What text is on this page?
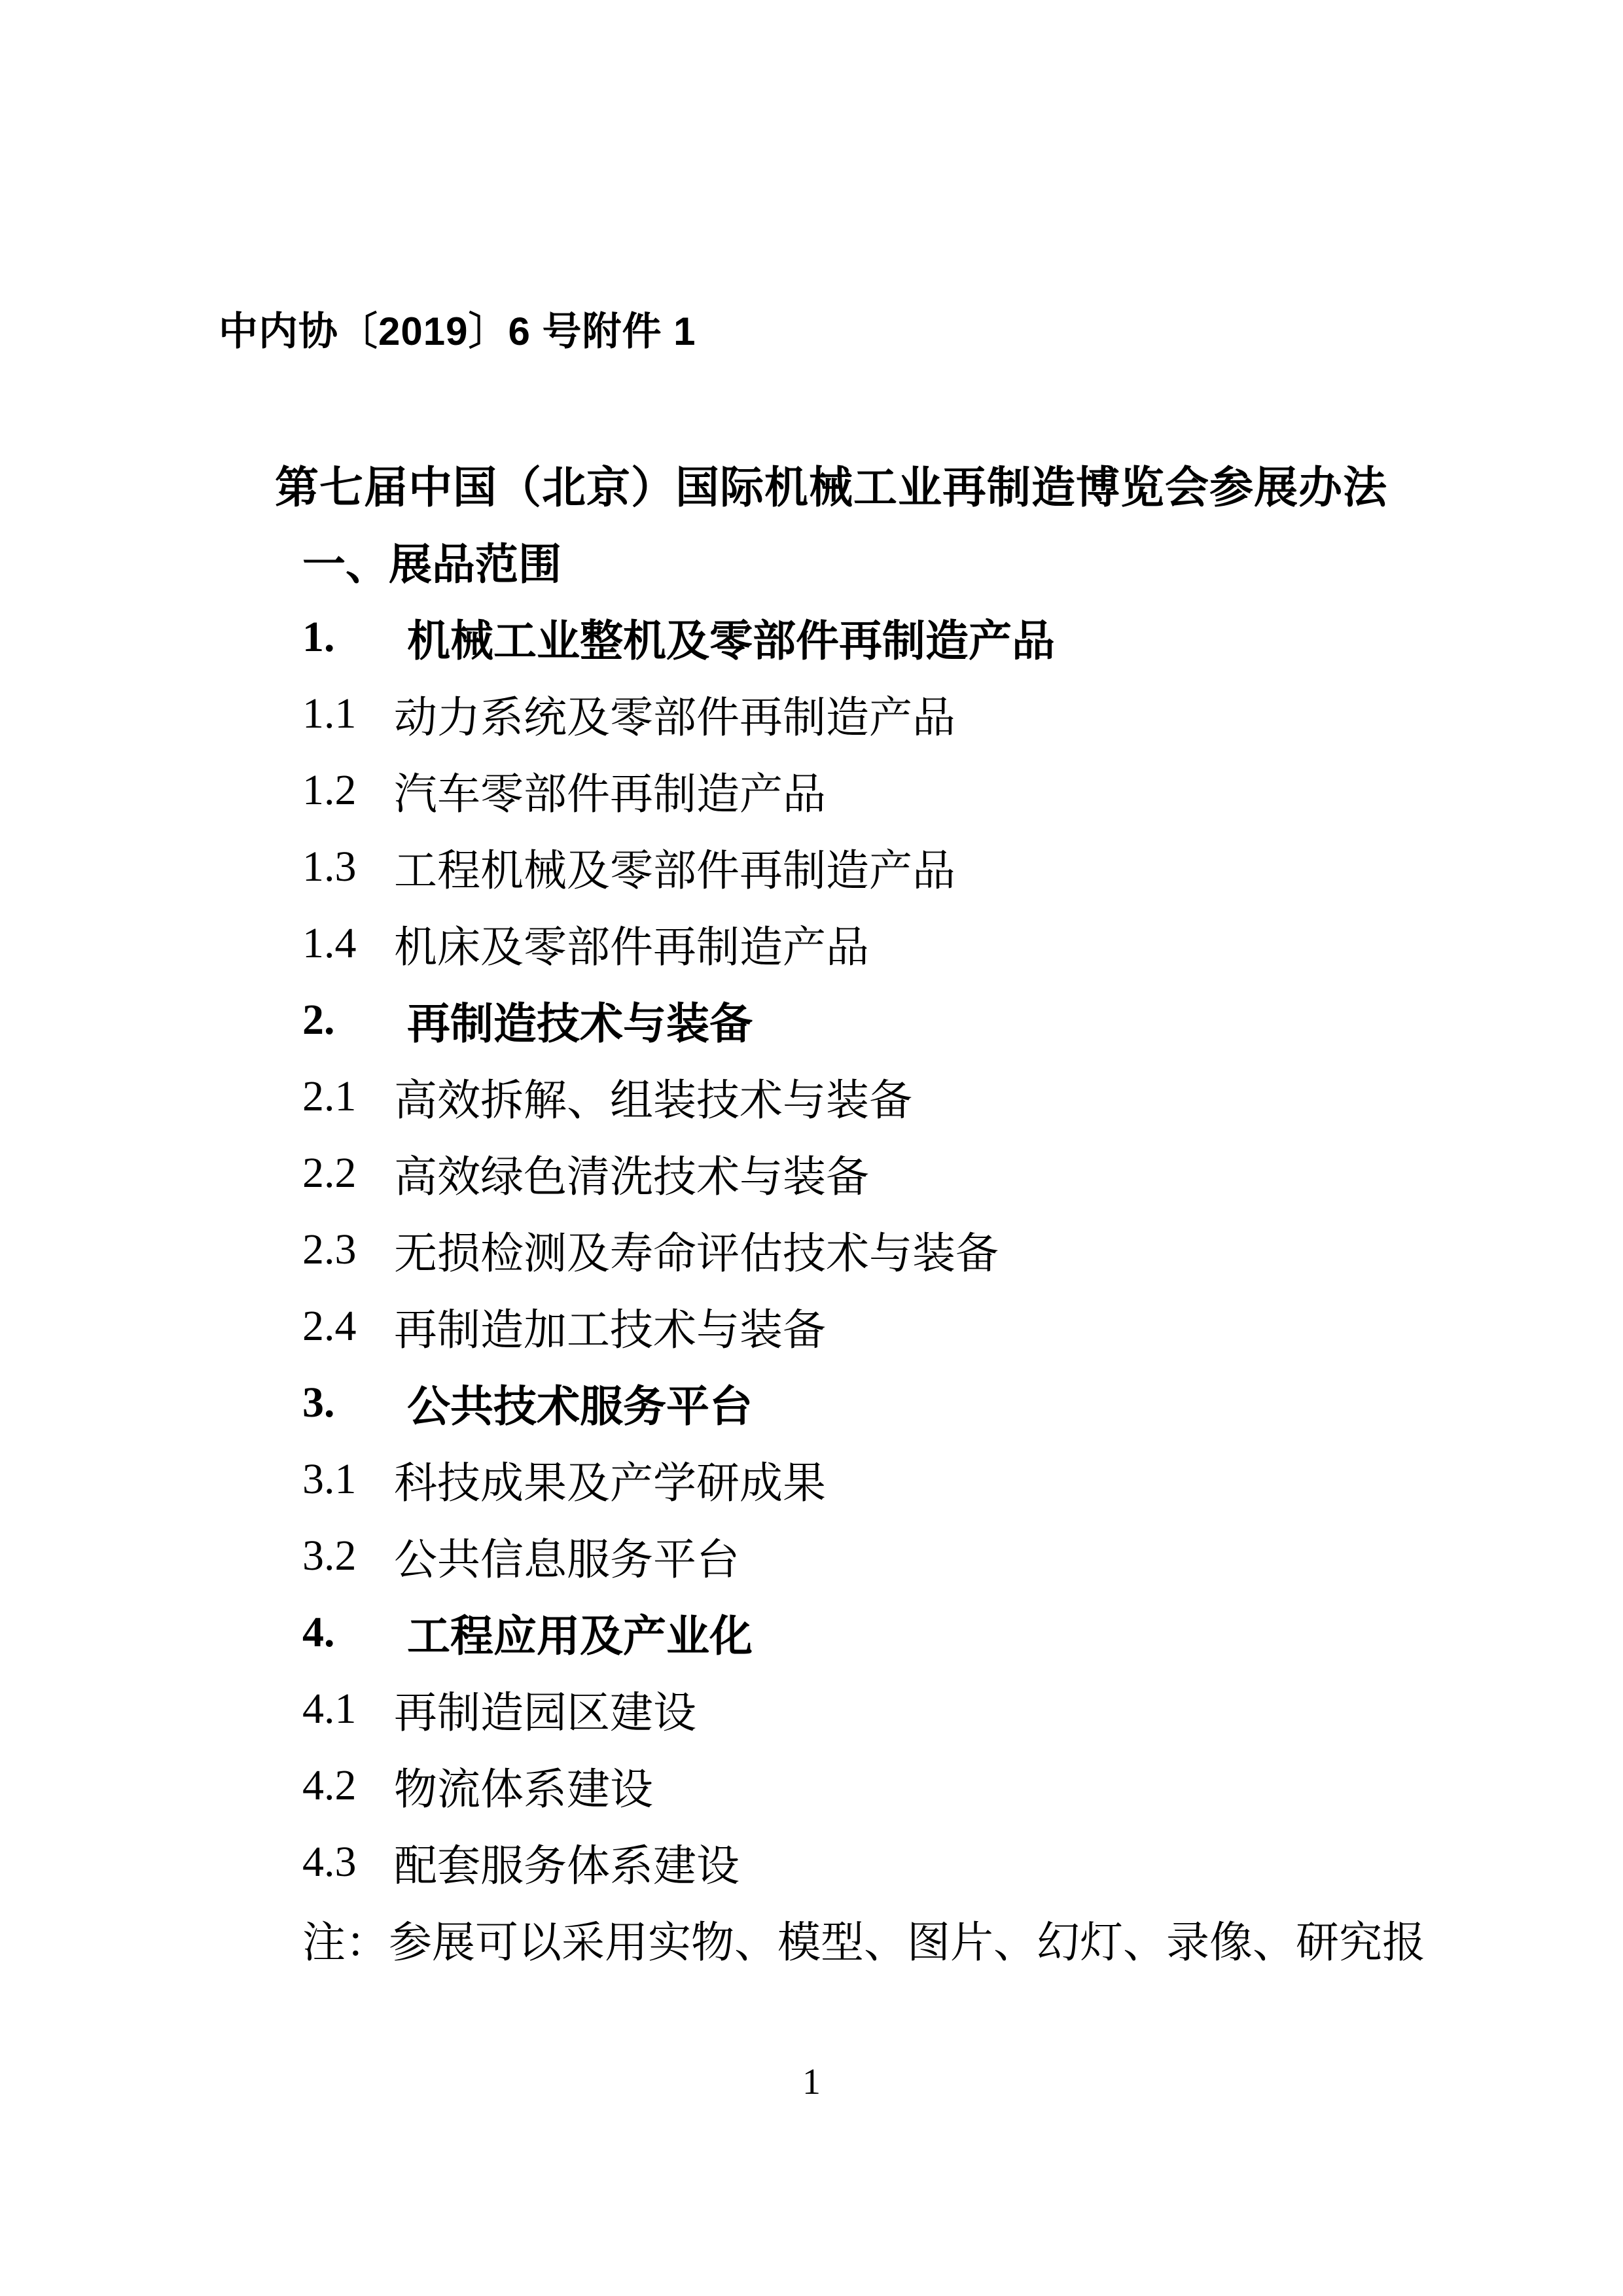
中内协〔2019〕6 号附件 1
第七届中国（北京）国际机械工业再制造博览会参展办法
一、展品范围
1.	机械工业整机及零部件再制造产品
1.1 动力系统及零部件再制造产品
1.2 汽车零部件再制造产品
1.3 工程机械及零部件再制造产品
1.4 机床及零部件再制造产品
2.	再制造技术与装备
2.1 高效拆解、组装技术与装备
2.2 高效绿色清洗技术与装备
2.3 无损检测及寿命评估技术与装备
2.4 再制造加工技术与装备
3.	公共技术服务平台
3.1 科技成果及产学研成果
3.2 公共信息服务平台
4.	工程应用及产业化
4.1 再制造园区建设
4.2 物流体系建设
4.3 配套服务体系建设
注：参展可以采用实物、模型、图片、幻灯、录像、研究报
1
